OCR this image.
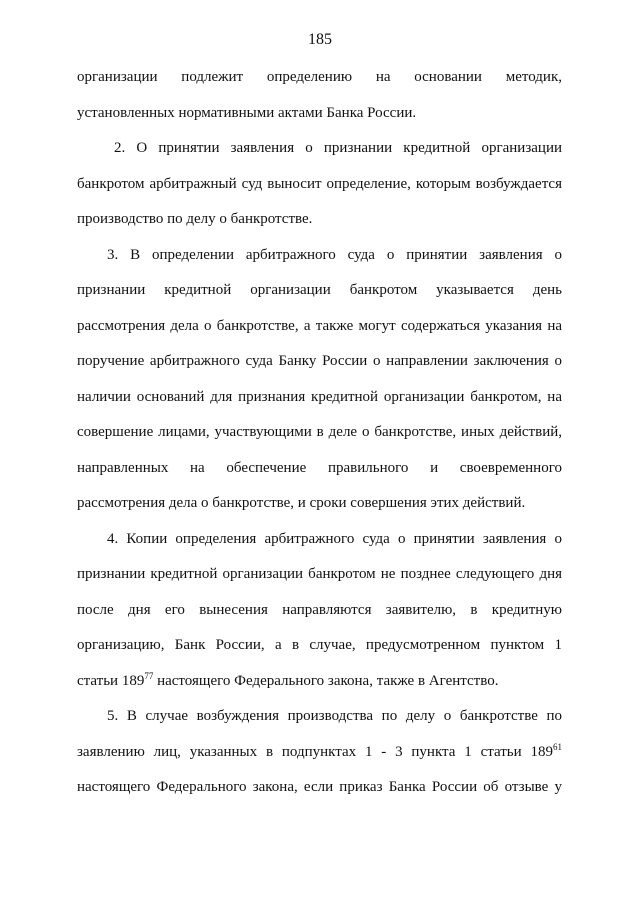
185
организации подлежит определению на основании методик,
установленных нормативными актами Банка России.
2. О принятии заявления о признании кредитной организации
банкротом арбитражный суд выносит определение, которым возбуждается
производство по делу о банкротстве.
3. В определении арбитражного суда о принятии заявления о
признании кредитной организации банкротом указывается день
рассмотрения дела о банкротстве, а также могут содержаться указания на
поручение арбитражного суда Банку России о направлении заключения о
наличии оснований для признания кредитной организации банкротом, на
совершение лицами, участвующими в деле о банкротстве, иных действий,
направленных на обеспечение правильного и своевременного
рассмотрения дела о банкротстве, и сроки совершения этих действий.
4. Копии определения арбитражного суда о принятии заявления о
признании кредитной организации банкротом не позднее следующего дня
после дня его вынесения направляются заявителю, в кредитную
организацию, Банк России, а в случае, предусмотренном пунктом 1
статьи $189^{77}$ настоящего Федерального закона, также в Агентство.
5. В случае возбуждения производства по делу о банкротстве по
заявлению лиц, указанных в подпунктах 1 - 3 пункта 1 статьи $189^{61}$
настоящего Федерального закона, если приказ Банка России об отзыве у
